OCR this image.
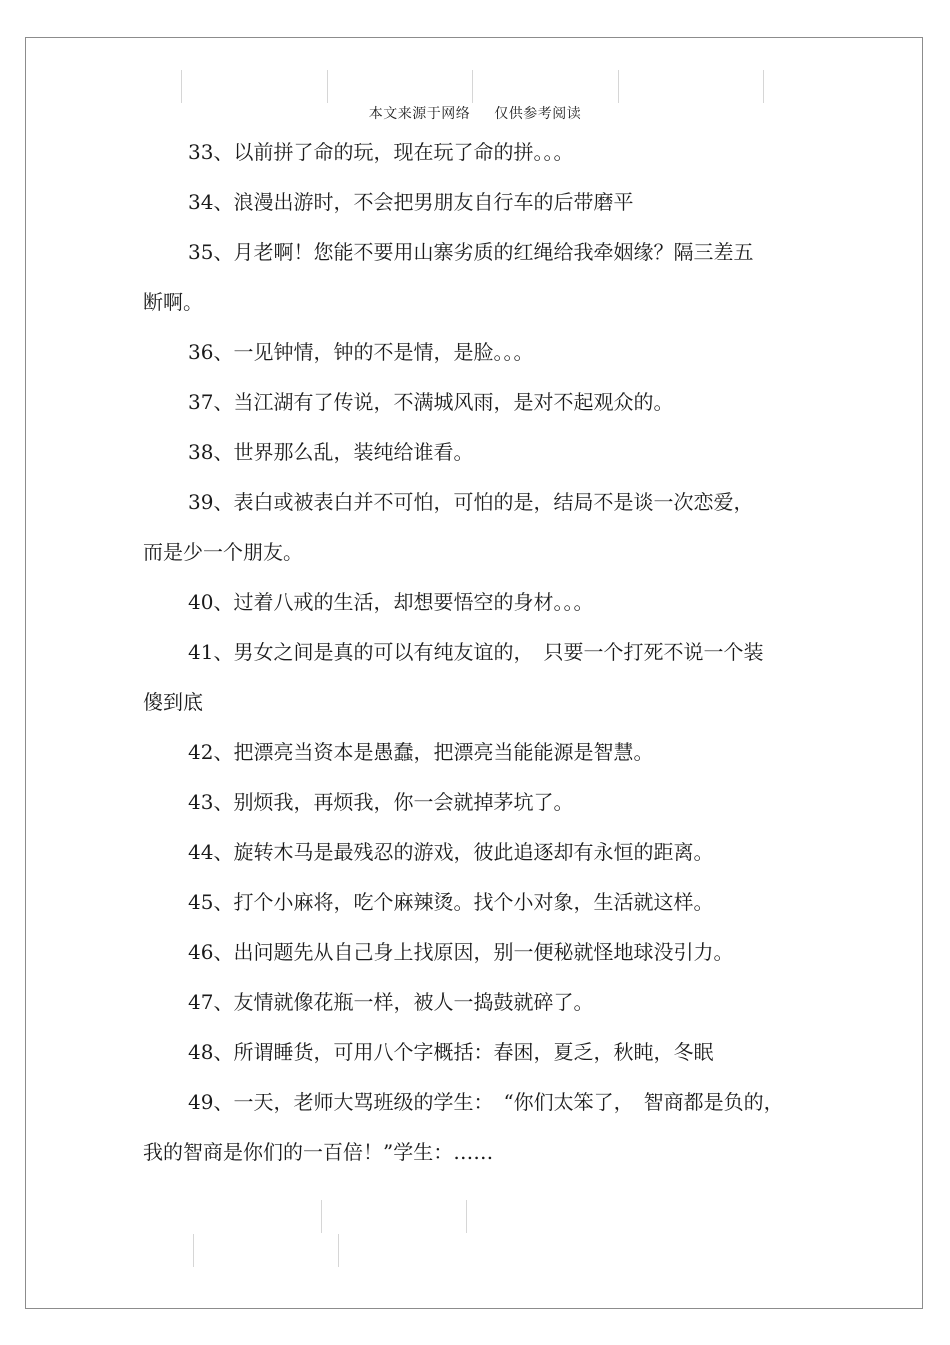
本文来源于网络 仅供参考阅读
33、以前拼了命的玩，现在玩了命的拼。。。
34、浪漫出游时，不会把男朋友自行车的后带磨平
35、月老啊！您能不要用山寨劣质的红绳给我牵姻缘？隔三差五
断啊。
36、一见钟情，钟的不是情，是脸。。。
37、当江湖有了传说，不满城风雨，是对不起观众的。
38、世界那么乱，装纯给谁看。
39、表白或被表白并不可怕，可怕的是，结局不是谈一次恋爱，
而是少一个朋友。
40、过着八戒的生活，却想要悟空的身材。。。
41、男女之间是真的可以有纯友谊的，　只要一个打死不说一个装
傻到底
42、把漂亮当资本是愚蠢，把漂亮当能能源是智慧。
43、别烦我，再烦我，你一会就掉茅坑了。
44、旋转木马是最残忍的游戏，彼此追逐却有永恒的距离。
45、打个小麻将，吃个麻辣烫。找个小对象，生活就这样。
46、出问题先从自己身上找原因，别一便秘就怪地球没引力。
47、友情就像花瓶一样，被人一捣鼓就碎了。
48、所谓睡货，可用八个字概括：春困，夏乏，秋盹，冬眠
49、一天，老师大骂班级的学生：　“你们太笨了，　智商都是负的，
我的智商是你们的一百倍！”学生：……
